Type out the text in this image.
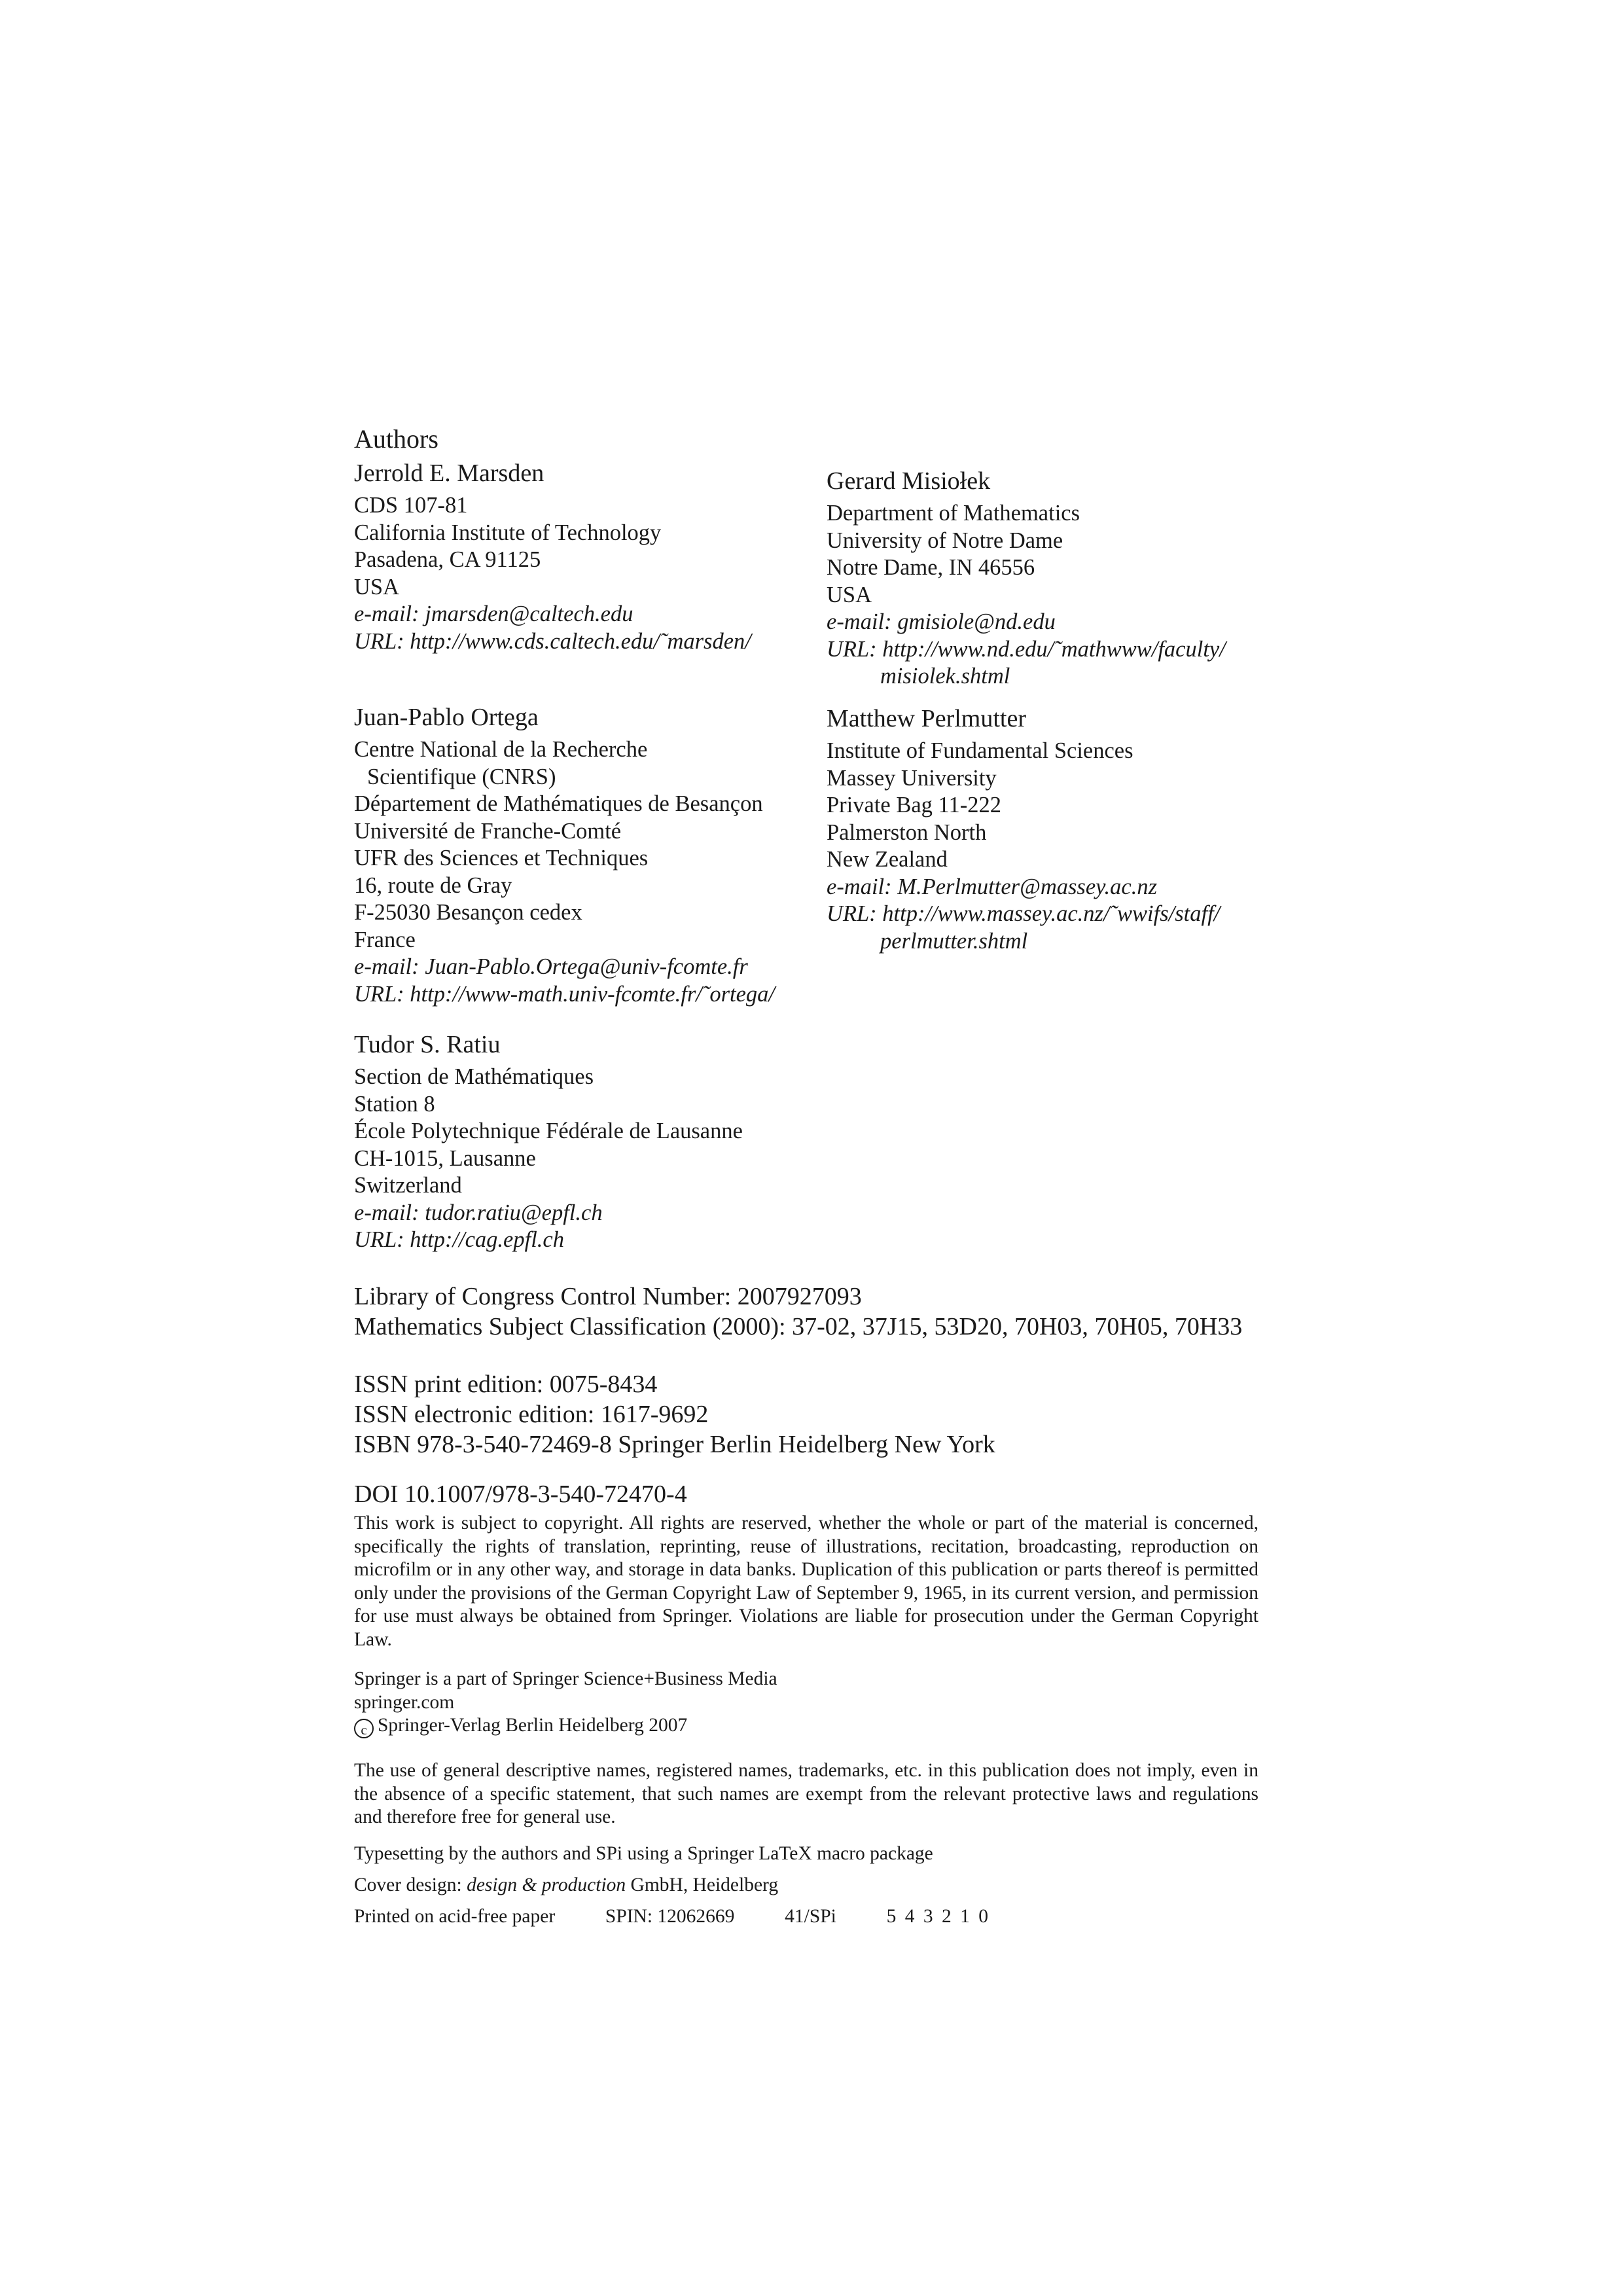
Authors
Jerrold E. Marsden
CDS 107-81
California Institute of Technology
Pasadena, CA 91125
USA
e-mail: jmarsden@caltech.edu
URL: http://www.cds.caltech.edu/˜marsden/
Gerard Misiołek
Department of Mathematics
University of Notre Dame
Notre Dame, IN 46556
USA
e-mail: gmisiole@nd.edu
URL: http://www.nd.edu/˜mathwww/faculty/
misiolek.shtml
Juan-Pablo Ortega
Centre National de la Recherche
Scientifique (CNRS)
Département de Mathématiques de Besançon
Université de Franche-Comté
UFR des Sciences et Techniques
16, route de Gray
F-25030 Besançon cedex
France
e-mail: Juan-Pablo.Ortega@univ-fcomte.fr
URL: http://www-math.univ-fcomte.fr/˜ortega/
Matthew Perlmutter
Institute of Fundamental Sciences
Massey University
Private Bag 11-222
Palmerston North
New Zealand
e-mail: M.Perlmutter@massey.ac.nz
URL: http://www.massey.ac.nz/˜wwifs/staff/
perlmutter.shtml
Tudor S. Ratiu
Section de Mathématiques
Station 8
École Polytechnique Fédérale de Lausanne
CH-1015, Lausanne
Switzerland
e-mail: tudor.ratiu@epfl.ch
URL: http://cag.epfl.ch
Library of Congress Control Number: 2007927093
Mathematics Subject Classification (2000): 37-02, 37J15, 53D20, 70H03, 70H05, 70H33
ISSN print edition: 0075-8434
ISSN electronic edition: 1617-9692
ISBN 978-3-540-72469-8 Springer Berlin Heidelberg New York
DOI 10.1007/978-3-540-72470-4
This work is subject to copyright. All rights are reserved, whether the whole or part of the material is concerned, specifically the rights of translation, reprinting, reuse of illustrations, recitation, broadcasting, reproduction on microfilm or in any other way, and storage in data banks. Duplication of this publication or parts thereof is permitted only under the provisions of the German Copyright Law of September 9, 1965, in its current version, and permission for use must always be obtained from Springer. Violations are liable for prosecution under the German Copyright Law.
Springer is a part of Springer Science+Business Media
springer.com
c Springer-Verlag Berlin Heidelberg 2007
The use of general descriptive names, registered names, trademarks, etc. in this publication does not imply, even in the absence of a specific statement, that such names are exempt from the relevant protective laws and regulations and therefore free for general use.
Typesetting by the authors and SPi using a Springer LaTeX macro package
Cover design: design & production GmbH, Heidelberg
Printed on acid-free paper	SPIN: 12062669	41/SPi	5 4 3 2 1 0
